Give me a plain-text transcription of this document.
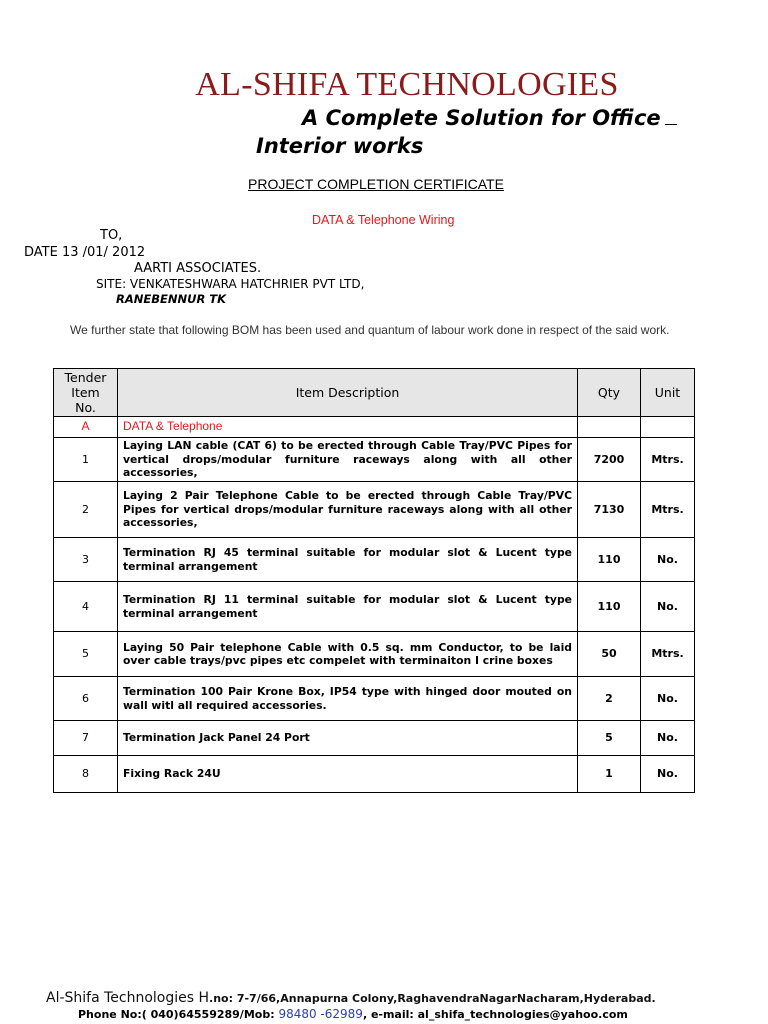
AL-SHIFA TECHNOLOGIES
A Complete Solution for Office
Interior works
PROJECT COMPLETION CERTIFICATE
DATA & Telephone Wiring
TO,
DATE 13 /01/ 2012
AARTI ASSOCIATES.
SITE: VENKATESHWARA HATCHRIER PVT LTD,
RANEBENNUR TK
We further state that following BOM has been used and quantum of labour work done in respect of the said work.
Tender
Item
No.	Item Description	Qty	Unit
A	DATA & Telephone		
1	Laying LAN cable (CAT 6) to be erected through Cable Tray/PVC Pipes for vertical drops/modular furniture raceways along with all other accessories,	7200	Mtrs.
2	Laying 2 Pair Telephone Cable to be erected through Cable Tray/PVC Pipes for vertical drops/modular furniture raceways along with all other accessories,	7130	Mtrs.
3	Termination RJ 45 terminal suitable for modular slot & Lucent type terminal arrangement	110	No.
4	Termination RJ 11 terminal suitable for modular slot & Lucent type terminal arrangement	110	No.
5	Laying 50 Pair telephone Cable with 0.5 sq. mm Conductor, to be laid over cable trays/pvc pipes etc compelet with terminaiton I crine boxes	50	Mtrs.
6	Termination 100 Pair Krone Box, IP54 type with hinged door mouted on wall witl all required accessories.	2	No.
7	Termination Jack Panel 24 Port	5	No.
8	Fixing Rack 24U	1	No.
Al-Shifa Technologies H.no: 7-7/66,Annapurna Colony,RaghavendraNagarNacharam,Hyderabad.
Phone No:( 040)64559289/Mob: 98480 -62989, e-mail: al_shifa_technologies@yahoo.com
